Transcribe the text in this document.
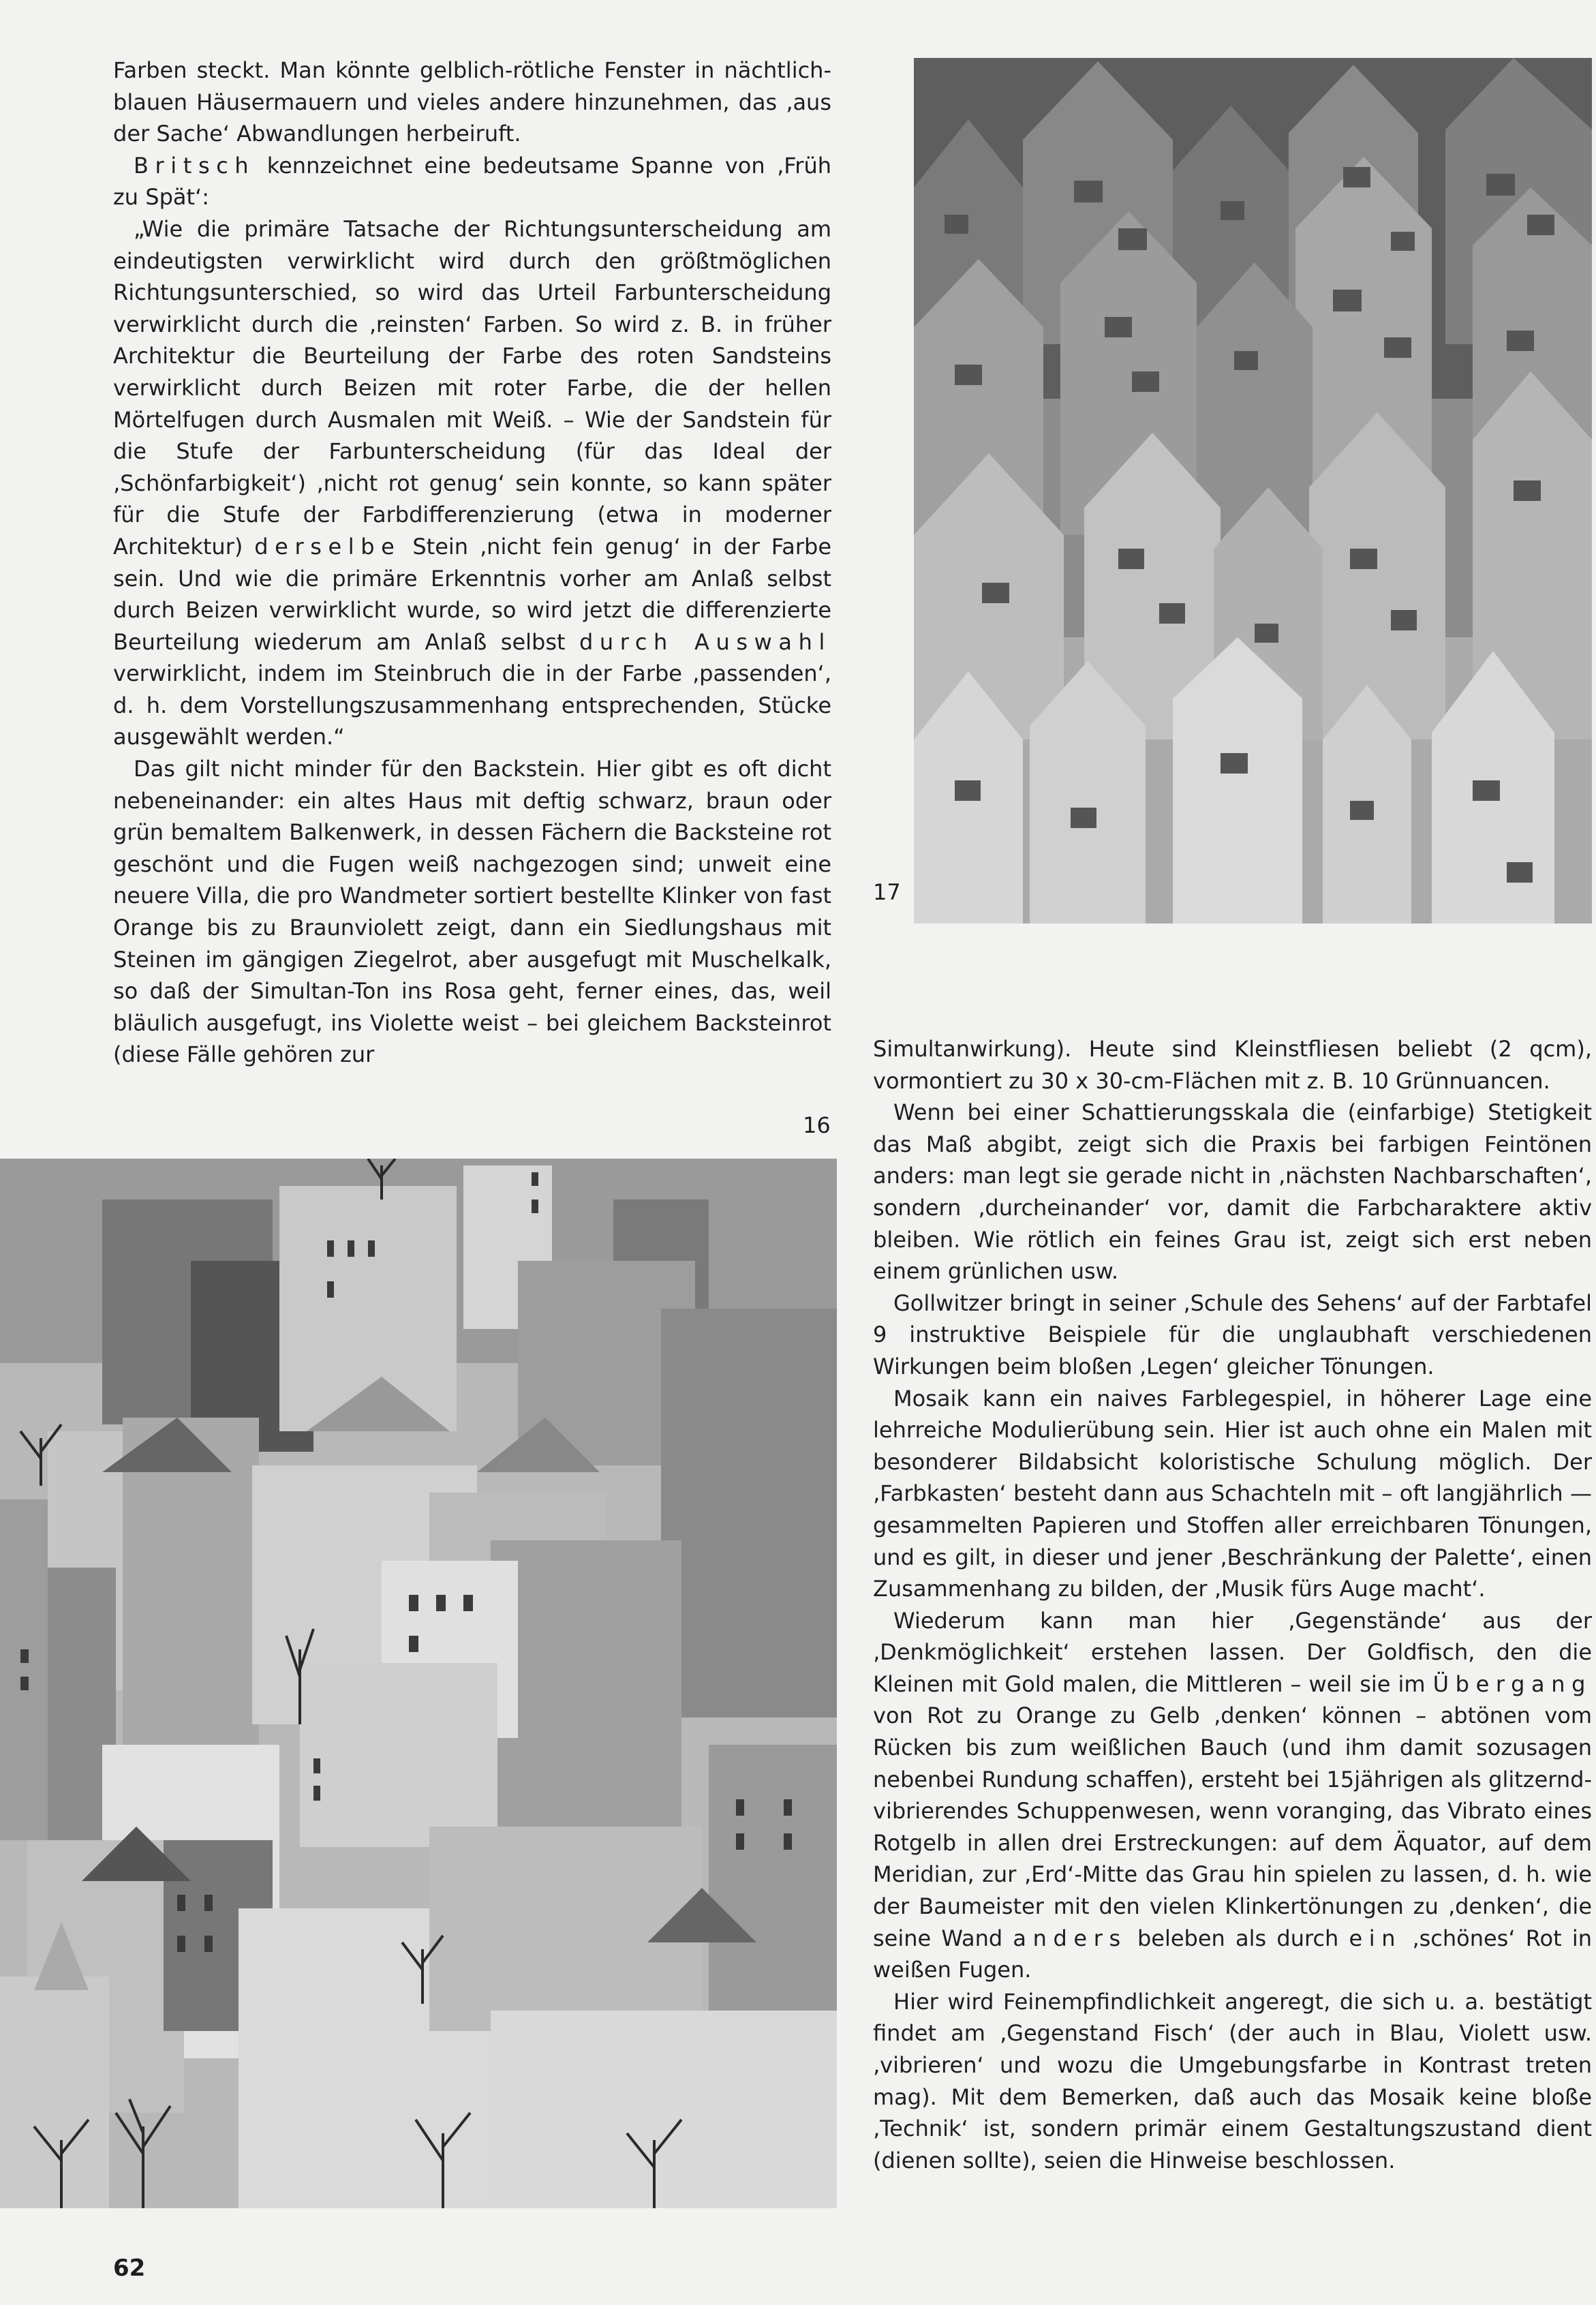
17

Farben steckt. Man könnte gelblich-rötliche Fenster in nächtlich-blauen Häusermauern und vieles andere hinzunehmen, das ‚aus der Sache‘ Abwandlungen herbeiruft.

Britsch kennzeichnet eine bedeutsame Spanne von ‚Früh zu Spät‘:

„Wie die primäre Tatsache der Richtungsunterscheidung am eindeutigsten verwirklicht wird durch den größtmöglichen Richtungsunterschied, so wird das Urteil Farbunterscheidung verwirklicht durch die ‚reinsten‘ Farben. So wird z. B. in früher Architektur die Beurteilung der Farbe des roten Sandsteins verwirklicht durch Beizen mit roter Farbe, die der hellen Mörtelfugen durch Ausmalen mit Weiß. – Wie der Sandstein für die Stufe der Farbunterscheidung (für das Ideal der ‚Schönfarbigkeit‘) ‚nicht rot genug‘ sein konnte, so kann später für die Stufe der Farbdifferenzierung (etwa in moderner Architektur) derselbe Stein ‚nicht fein genug‘ in der Farbe sein. Und wie die primäre Erkenntnis vorher am Anlaß selbst durch Beizen verwirklicht wurde, so wird jetzt die differenzierte Beurteilung wiederum am Anlaß selbst durch Auswahl verwirklicht, indem im Steinbruch die in der Farbe ‚passenden‘, d. h. dem Vorstellungszusammenhang entsprechenden, Stücke ausgewählt werden.“

Das gilt nicht minder für den Backstein. Hier gibt es oft dicht nebeneinander: ein altes Haus mit deftig schwarz, braun oder grün bemaltem Balkenwerk, in dessen Fächern die Backsteine rot geschönt und die Fugen weiß nachgezogen sind; unweit eine neuere Villa, die pro Wandmeter sortiert bestellte Klinker von fast Orange bis zu Braunviolett zeigt, dann ein Siedlungshaus mit Steinen im gängigen Ziegelrot, aber ausgefugt mit Muschelkalk, so daß der Simultan-Ton ins Rosa geht, ferner eines, das, weil bläulich ausgefugt, ins Violette weist – bei gleichem Backsteinrot (diese Fälle gehören zur

16

Simultanwirkung). Heute sind Kleinstfliesen beliebt (2 qcm), vormontiert zu 30 x 30-cm-Flächen mit z. B. 10 Grünnuancen.

Wenn bei einer Schattierungsskala die (einfarbige) Stetigkeit das Maß abgibt, zeigt sich die Praxis bei farbigen Feintönen anders: man legt sie gerade nicht in ‚nächsten Nachbarschaften‘, sondern ‚durcheinander‘ vor, damit die Farbcharaktere aktiv bleiben. Wie rötlich ein feines Grau ist, zeigt sich erst neben einem grünlichen usw.

Gollwitzer bringt in seiner ‚Schule des Sehens‘ auf der Farbtafel 9 instruktive Beispiele für die unglaubhaft verschiedenen Wirkungen beim bloßen ‚Legen‘ gleicher Tönungen.

Mosaik kann ein naives Farblegespiel, in höherer Lage eine lehrreiche Modulierübung sein. Hier ist auch ohne ein Malen mit besonderer Bildabsicht koloristische Schulung möglich. Der ‚Farbkasten‘ besteht dann aus Schachteln mit – oft langjährlich — gesammelten Papieren und Stoffen aller erreichbaren Tönungen, und es gilt, in dieser und jener ‚Beschränkung der Palette‘, einen Zusammenhang zu bilden, der ‚Musik fürs Auge macht‘.

Wiederum kann man hier ‚Gegenstände‘ aus der ‚Denkmöglichkeit‘ erstehen lassen. Der Goldfisch, den die Kleinen mit Gold malen, die Mittleren – weil sie im Übergang von Rot zu Orange zu Gelb ‚denken‘ können – abtönen vom Rücken bis zum weißlichen Bauch (und ihm damit sozusagen nebenbei Rundung schaffen), ersteht bei 15jährigen als glitzernd-vibrierendes Schuppenwesen, wenn voranging, das Vibrato eines Rotgelb in allen drei Erstreckungen: auf dem Äquator, auf dem Meridian, zur ‚Erd‘-Mitte das Grau hin spielen zu lassen, d. h. wie der Baumeister mit den vielen Klinkertönungen zu ‚denken‘, die seine Wand anders beleben als durch ein ‚schönes‘ Rot in weißen Fugen.

Hier wird Feinempfindlichkeit angeregt, die sich u. a. bestätigt findet am ‚Gegenstand Fisch‘ (der auch in Blau, Violett usw. ‚vibrieren‘ und wozu die Umgebungsfarbe in Kontrast treten mag). Mit dem Bemerken, daß auch das Mosaik keine bloße ‚Technik‘ ist, sondern primär einem Gestaltungszustand dient (dienen sollte), seien die Hinweise beschlossen.

62
